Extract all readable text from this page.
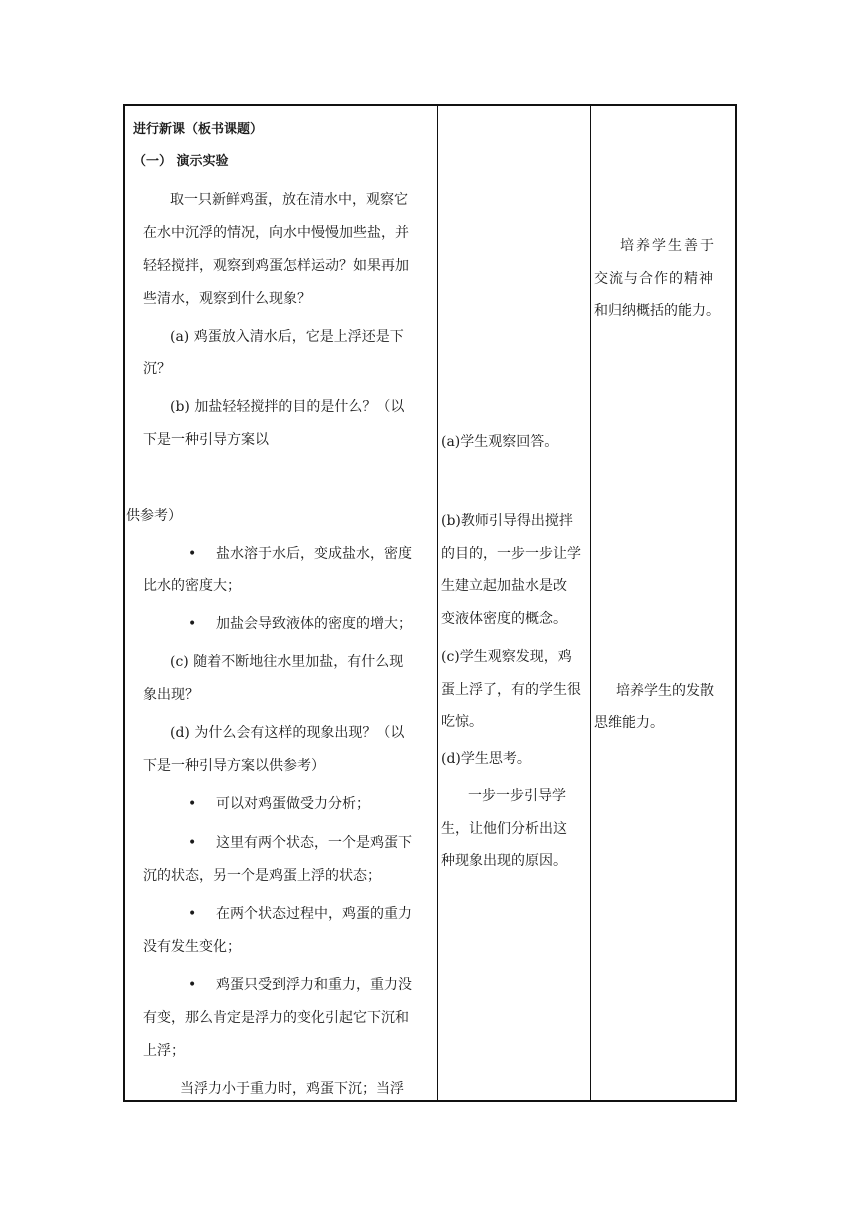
进行新课（板书课题）
（一） 演示实验
取一只新鲜鸡蛋，放在清水中，观察它
在水中沉浮的情况，向水中慢慢加些盐，并
轻轻搅拌，观察到鸡蛋怎样运动？如果再加
些清水，观察到什么现象？
(a) 鸡蛋放入清水后，它是上浮还是下
沉？
(b) 加盐轻轻搅拌的目的是什么？（以
下是一种引导方案以
供参考）
• 盐水溶于水后，变成盐水，密度
比水的密度大；
• 加盐会导致液体的密度的增大；
(c) 随着不断地往水里加盐，有什么现
象出现？
(d) 为什么会有这样的现象出现？（以
下是一种引导方案以供参考）
• 可以对鸡蛋做受力分析；
• 这里有两个状态，一个是鸡蛋下
沉的状态，另一个是鸡蛋上浮的状态；
• 在两个状态过程中，鸡蛋的重力
没有发生变化；
• 鸡蛋只受到浮力和重力，重力没
有变，那么肯定是浮力的变化引起它下沉和
上浮；
当浮力小于重力时，鸡蛋下沉；当浮
(a)学生观察回答。
(b)教师引导得出搅拌
的目的，一步一步让学
生建立起加盐水是改
变液体密度的概念。
(c)学生观察发现，鸡
蛋上浮了，有的学生很
吃惊。
(d)学生思考。
一步一步引导学
生，让他们分析出这
种现象出现的原因。
培养学生善于
交流与合作的精神
和归纳概括的能力。
培养学生的发散
思维能力。
